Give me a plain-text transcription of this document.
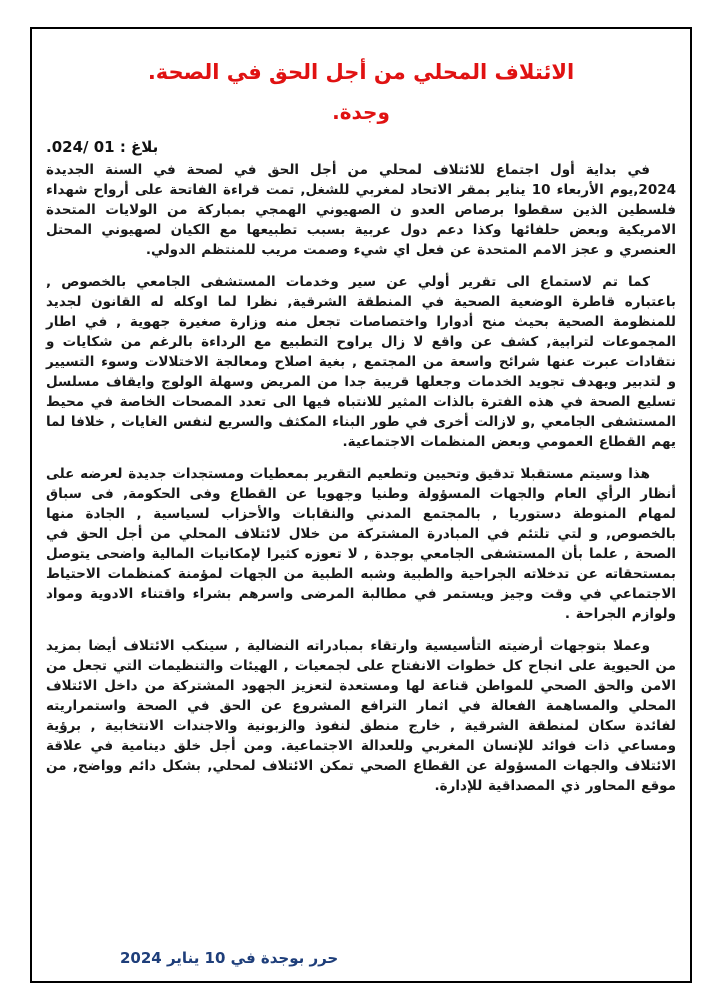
الائتلاف المحلي من أجل الحق في الصحة.
وجدة.
بلاغ : 01 /024.

في بداية أول اجتماع للائتلاف لمحلي من أجل الحق في لصحة في السنة الجديدة 2024,يوم الأربعاء 10 يناير بمقر الاتحاد لمغربي للشغل, تمت قراءة الفاتحة على أرواح شهداء فلسطين الذين سقطوا برصاص العدو ن الصهيوني الهمجي بمباركة من الولايات المتحدة الامريكية وبعض حلفائها وكذا دعم دول عربية بسبب تطبيعها مع الكيان لصهيوني المحتل العنصري و عجز الامم المتحدة عن فعل اي شيء وصمت مريب للمنتظم الدولي.

كما تم لاستماع الى تقرير أولي عن سير وخدمات المستشفى الجامعي بالخصوص , باعتباره قاطرة الوضعية الصحية في المنطقة الشرقية, نظرا لما اوكله له القانون لجديد للمنظومة الصحية بحيث منح أدوارا واختصاصات تجعل منه وزارة صغيرة جهوية , في اطار المجموعات لترابية, كشف عن واقع لا زال يراوح التطبيع مع الرداءة بالرغم من شكايات و نتقادات عبرت عنها شرائح واسعة من المجتمع , بغية اصلاح ومعالجة الاختلالات وسوء التسيير و لتدبير ويهدف تجويد الخدمات وجعلها قريبة جدا من المريض وسهلة الولوج وايقاف مسلسل تسليع الصحة في هذه الفترة بالذات المثير للانتباه فيها الى تعدد المصحات الخاصة في محيط المستشفى الجامعي ,و لازالت أخرى في طور البناء المكثف والسريع لنفس الغايات , خلافا لما يهم القطاع العمومي وبعض المنظمات الاجتماعية.

هذا وسيتم مستقبلا تدقيق وتحيين وتطعيم التقرير بمعطيات ومستجدات جديدة لعرضه على أنظار الرأي العام والجهات المسؤولة وطنيا وجهويا عن القطاع وفى الحكومة, فى سباق لمهام المنوطة دستوريا , بالمجتمع المدني والنقابات والأحزاب لسياسية , الجادة منها بالخصوص, و لتي تلتئم في المبادرة المشتركة من خلال لائتلاف المحلي من أجل الحق في الصحة , علما بأن المستشفى الجامعي بوجدة , لا تعوزه كثيرا لإمكانيات المالية واضحى يتوصل بمستحقاته عن تدخلاته الجراحية والطبية وشبه الطبية من الجهات لمؤمنة كمنظمات الاحتياط الاجتماعي في وقت وجيز ويستمر في مطالبة المرضى واسرهم بشراء واقتناء الادوية ومواد ولوازم الجراحة .

وعملا بتوجهات أرضيته التأسيسية وارتقاء بمبادراته النضالية , سينكب الائتلاف أيضا بمزيد من الحيوية على انجاح كل خطوات الانفتاح على لجمعيات , الهيئات والتنظيمات التي تجعل من الامن والحق الصحي للمواطن قناعة لها ومستعدة لتعزيز الجهود المشتركة من داخل الائتلاف المحلي والمساهمة الفعالة في اثمار الترافع المشروع عن الحق في الصحة واستمراريته لفائدة سكان لمنطقة الشرقية , خارج منطق لنفوذ والزبونية والاجندات الانتخابية , برؤية ومساعي ذات فوائد للإنسان المغربي وللعدالة الاجتماعية. ومن أجل خلق دينامية في علاقة الائتلاف والجهات المسؤولة عن القطاع الصحي تمكن الائتلاف لمحلي, بشكل دائم وواضح, من موقع المحاور ذي المصداقية للإدارة.

حرر بوجدة في 10 يناير 2024
